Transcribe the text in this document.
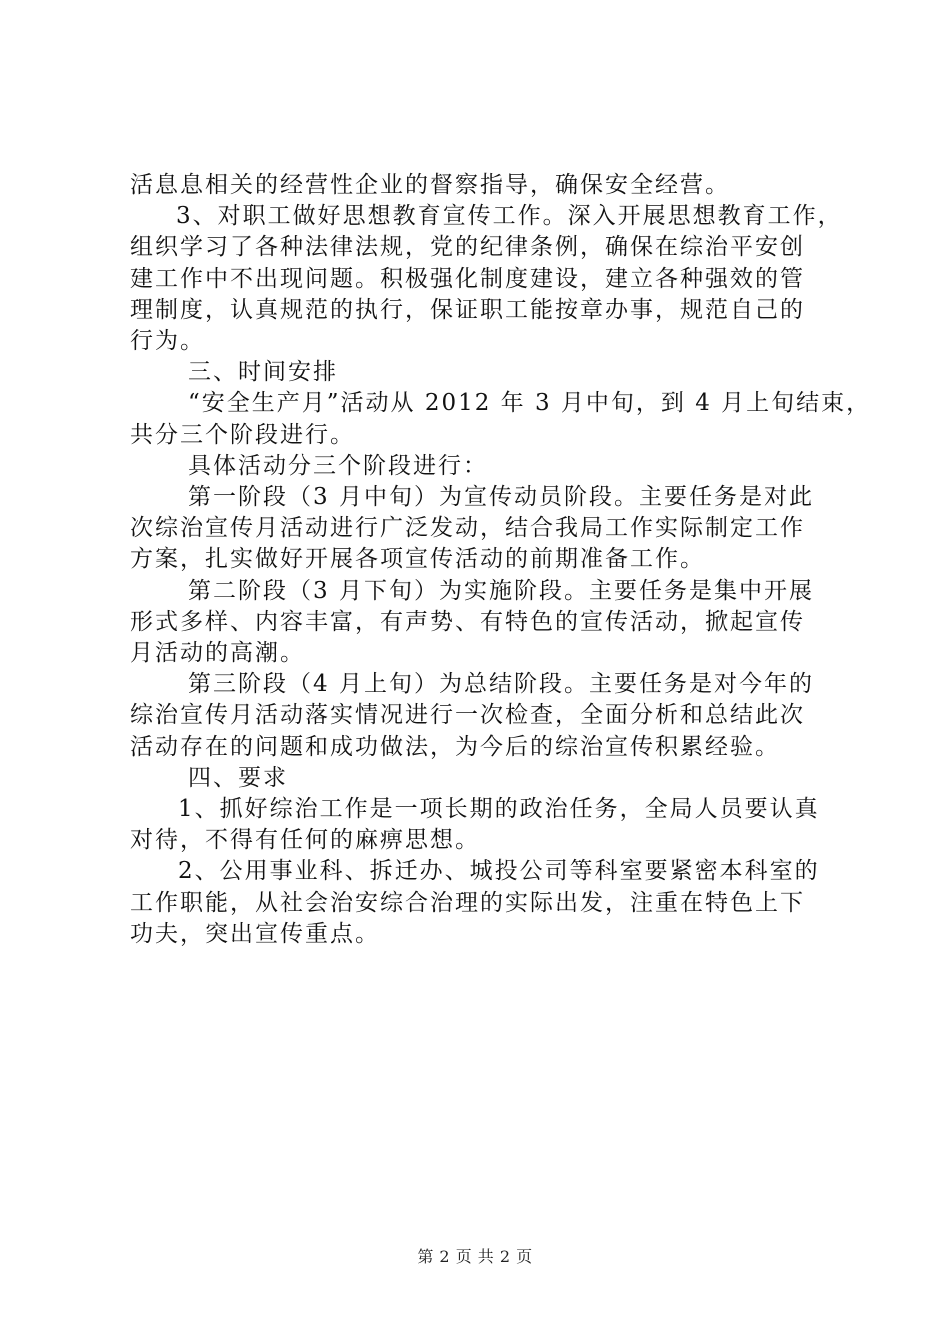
活息息相关的经营性企业的督察指导，确保安全经营。
3、对职工做好思想教育宣传工作。深入开展思想教育工作，
组织学习了各种法律法规，党的纪律条例，确保在综治平安创
建工作中不出现问题。积极强化制度建设，建立各种强效的管
理制度，认真规范的执行，保证职工能按章办事，规范自己的
行为。
三、时间安排
“安全生产月”活动从 2012 年 3 月中旬，到 4 月上旬结束，
共分三个阶段进行。
具体活动分三个阶段进行：
第一阶段（3 月中旬）为宣传动员阶段。主要任务是对此
次综治宣传月活动进行广泛发动，结合我局工作实际制定工作
方案，扎实做好开展各项宣传活动的前期准备工作。
第二阶段（3 月下旬）为实施阶段。主要任务是集中开展
形式多样、内容丰富，有声势、有特色的宣传活动，掀起宣传
月活动的高潮。
第三阶段（4 月上旬）为总结阶段。主要任务是对今年的
综治宣传月活动落实情况进行一次检查，全面分析和总结此次
活动存在的问题和成功做法，为今后的综治宣传积累经验。
四、要求
1、抓好综治工作是一项长期的政治任务，全局人员要认真
对待，不得有任何的麻痹思想。
2、公用事业科、拆迁办、城投公司等科室要紧密本科室的
工作职能，从社会治安综合治理的实际出发，注重在特色上下
功夫，突出宣传重点。
第 2 页 共 2 页
